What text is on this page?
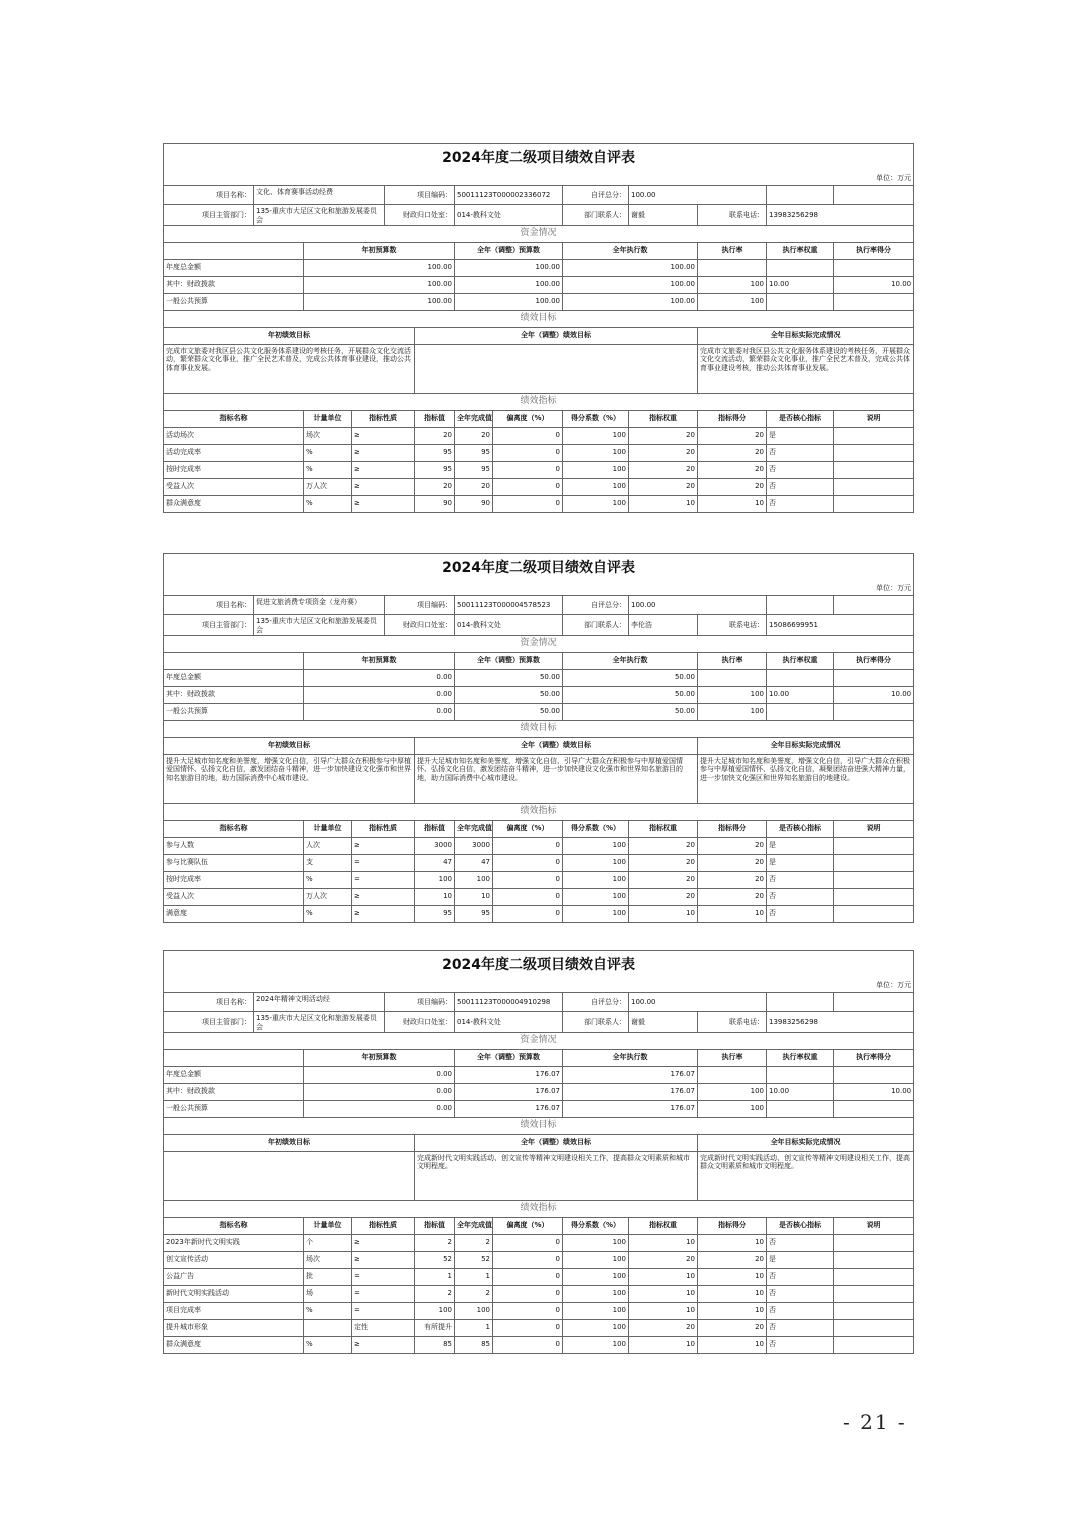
2024年度二级项目绩效自评表												
单位：万元												
项目名称：	文化、体育赛事活动经费			项目编码：		50011123T000002336072		自评总分：	100.00			
项目主管部门：	135-重庆市大足区文化和旅游发展委员会			财政归口处室：		014-教科文处		部门联系人：	谢毅	联系电话：	13983256298	
资金情况												
		年初预算数				全年（调整）预算数		全年执行数		执行率	执行率权重	执行率得分
年度总金额		100.00				100.00		100.00				
其中：财政拨款		100.00				100.00		100.00		100	10.00	10.00
一般公共预算		100.00				100.00		100.00		100		
绩效目标												
年初绩效目标					全年（调整）绩效目标					全年目标实际完成情况		
完成市文旅委对我区县公共文化服务体系建设的考核任务，开展群众文化交流活动，繁荣群众文化事业，推广全民艺术普及，完成公共体育事业建设，推动公共体育事业发展。										完成市文旅委对我区县公共文化服务体系建设的考核任务，开展群众文化交流活动，繁荣群众文化事业，推广全民艺术普及，完成公共体育事业建设考核，推动公共体育事业发展。		
绩效指标												
指标名称		计量单位	指标性质		指标值	全年完成值	偏离度（%）	得分系数（%）	指标权重	指标得分	是否核心指标	说明
活动场次		场次	≥		20	20	0	100	20	20	是	
活动完成率		%	≥		95	95	0	100	20	20	否	
按时完成率		%	≥		95	95	0	100	20	20	否	
受益人次		万人次	≥		20	20	0	100	20	20	否	
群众满意度		%	≥		90	90	0	100	10	10	否	
2024年度二级项目绩效自评表												
单位：万元												
项目名称：	促进文旅消费专项资金（龙舟赛）			项目编码：		50011123T000004578523		自评总分：	100.00			
项目主管部门：	135-重庆市大足区文化和旅游发展委员会			财政归口处室：		014-教科文处		部门联系人：	李伦浩	联系电话：	15086699951	
资金情况												
		年初预算数				全年（调整）预算数		全年执行数		执行率	执行率权重	执行率得分
年度总金额		0.00				50.00		50.00				
其中：财政拨款		0.00				50.00		50.00		100	10.00	10.00
一般公共预算		0.00				50.00		50.00		100		
绩效目标												
年初绩效目标					全年（调整）绩效目标					全年目标实际完成情况		
提升大足城市知名度和美誉度，增强文化自信，引导广大群众在积极参与中厚植爱国情怀、弘扬文化自信，激发团结奋斗精神，进一步加快建设文化强市和世界知名旅游目的地，助力国际消费中心城市建设。					提升大足城市知名度和美誉度，增强文化自信，引导广大群众在积极参与中厚植爱国情怀、弘扬文化自信，激发团结奋斗精神，进一步加快建设文化强市和世界知名旅游目的地，助力国际消费中心城市建设。					提升大足城市知名度和美誉度，增强文化自信，引导广大群众在积极参与中厚植爱国情怀、弘扬文化自信，凝聚团结奋进强大精神力量，进一步加快文化强区和世界知名旅游目的地建设。		
绩效指标												
指标名称		计量单位	指标性质		指标值	全年完成值	偏离度（%）	得分系数（%）	指标权重	指标得分	是否核心指标	说明
参与人数		人次	≥		3000	3000	0	100	20	20	是	
参与比赛队伍		支	=		47	47	0	100	20	20	是	
按时完成率		%	=		100	100	0	100	20	20	否	
受益人次		万人次	≥		10	10	0	100	20	20	否	
满意度		%	≥		95	95	0	100	10	10	否	
2024年度二级项目绩效自评表												
单位：万元												
项目名称：	2024年精神文明活动经			项目编码：		50011123T000004910298		自评总分：	100.00			
项目主管部门：	135-重庆市大足区文化和旅游发展委员会			财政归口处室：		014-教科文处		部门联系人：	谢毅	联系电话：	13983256298	
资金情况												
		年初预算数				全年（调整）预算数		全年执行数		执行率	执行率权重	执行率得分
年度总金额		0.00				176.07		176.07				
其中：财政拨款		0.00				176.07		176.07		100	10.00	10.00
一般公共预算		0.00				176.07		176.07		100		
绩效目标												
年初绩效目标					全年（调整）绩效目标					全年目标实际完成情况		
					完成新时代文明实践活动、创文宣传等精神文明建设相关工作，提高群众文明素质和城市文明程度。					完成新时代文明实践活动、创文宣传等精神文明建设相关工作，提高群众文明素质和城市文明程度。		
绩效指标												
指标名称		计量单位	指标性质		指标值	全年完成值	偏离度（%）	得分系数（%）	指标权重	指标得分	是否核心指标	说明
2023年新时代文明实践		个	≥		2	2	0	100	10	10	否	
创文宣传活动		场次	≥		52	52	0	100	20	20	是	
公益广告		批	=		1	1	0	100	10	10	否	
新时代文明实践活动		场	=		2	2	0	100	10	10	否	
项目完成率		%	=		100	100	0	100	10	10	否	
提升城市形象			定性		有所提升	1	0	100	20	20	否	
群众满意度		%	≥		85	85	0	100	10	10	否	
- 21 -
